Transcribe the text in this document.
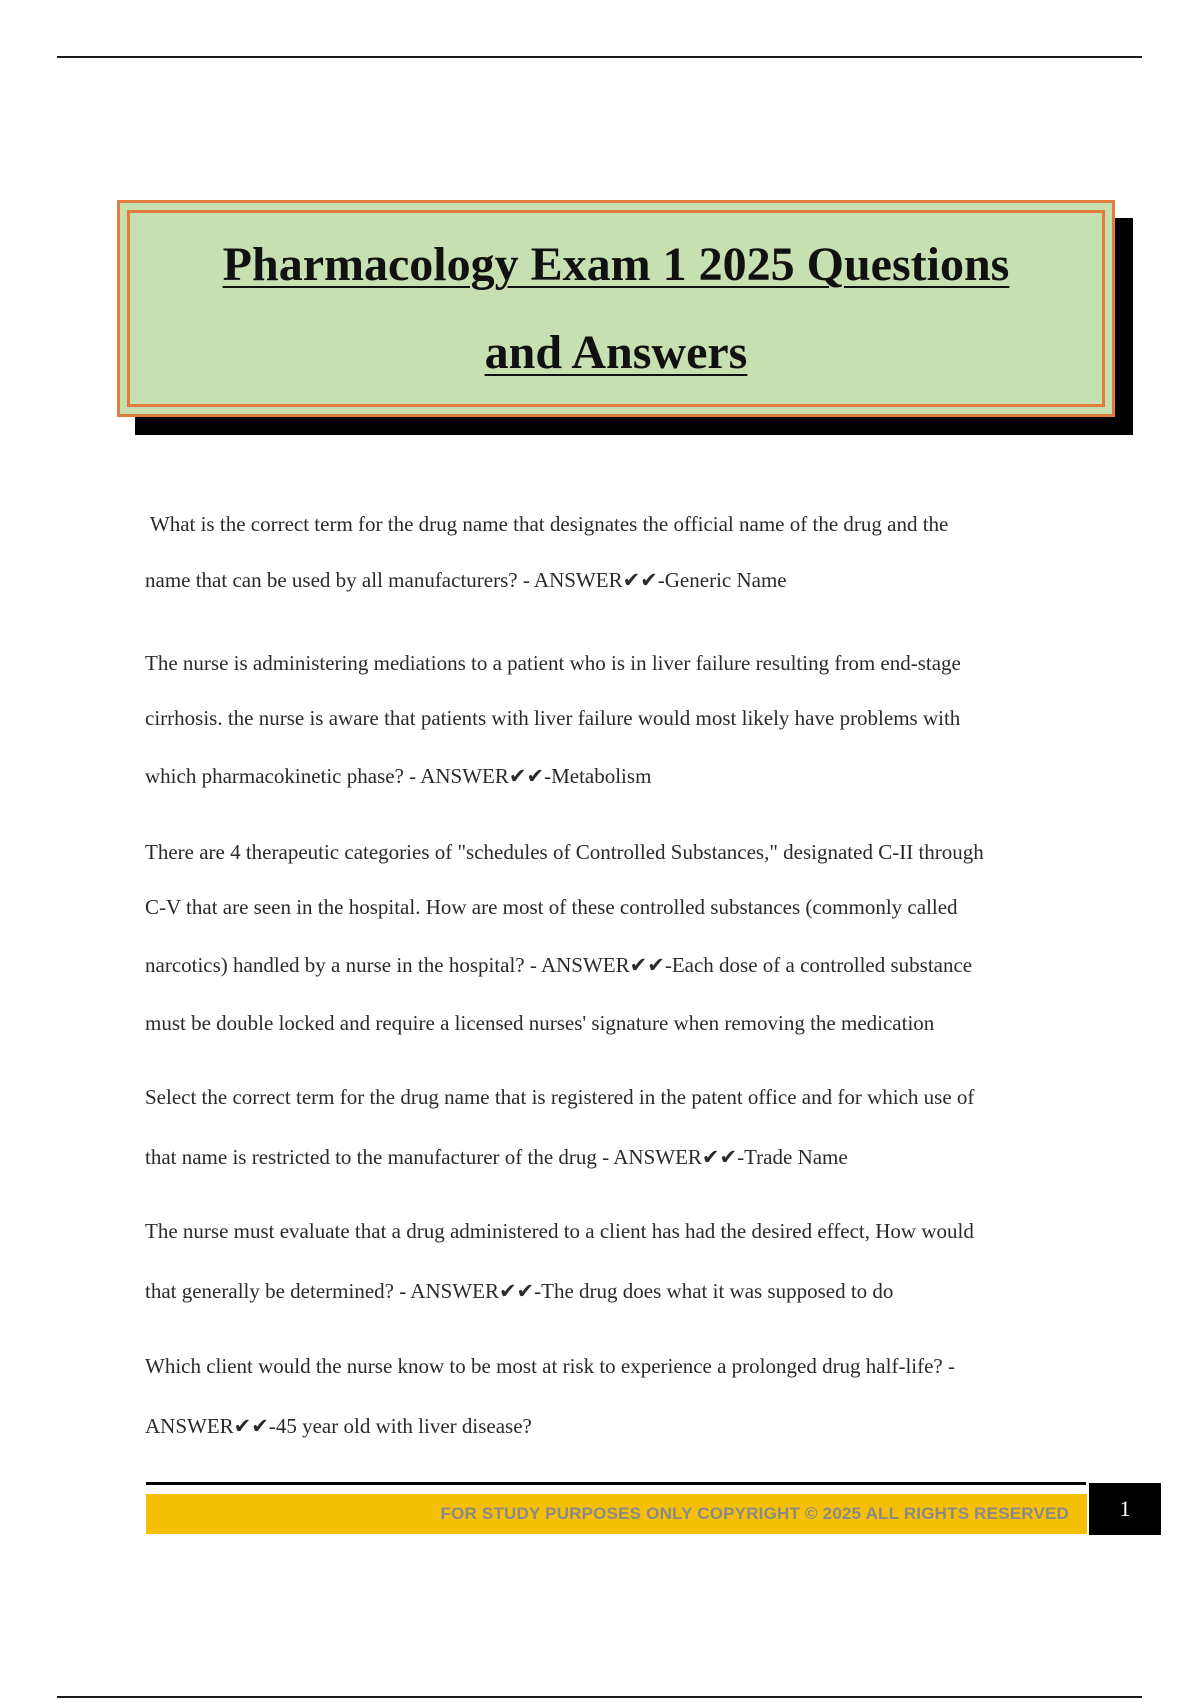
Pharmacology Exam 1 2025 Questions
and Answers
What is the correct term for the drug name that designates the official name of the drug and the
name that can be used by all manufacturers? - ANSWER✔✔-Generic Name
The nurse is administering mediations to a patient who is in liver failure resulting from end-stage
cirrhosis. the nurse is aware that patients with liver failure would most likely have problems with
which pharmacokinetic phase? - ANSWER✔✔-Metabolism
There are 4 therapeutic categories of "schedules of Controlled Substances," designated C-II through
C-V that are seen in the hospital. How are most of these controlled substances (commonly called
narcotics) handled by a nurse in the hospital? - ANSWER✔✔-Each dose of a controlled substance
must be double locked and require a licensed nurses' signature when removing the medication
Select the correct term for the drug name that is registered in the patent office and for which use of
that name is restricted to the manufacturer of the drug - ANSWER✔✔-Trade Name
The nurse must evaluate that a drug administered to a client has had the desired effect, How would
that generally be determined? - ANSWER✔✔-The drug does what it was supposed to do
Which client would the nurse know to be most at risk to experience a prolonged drug half-life? -
ANSWER✔✔-45 year old with liver disease?
FOR STUDY PURPOSES ONLY COPYRIGHT © 2025 ALL RIGHTS RESERVED	1
